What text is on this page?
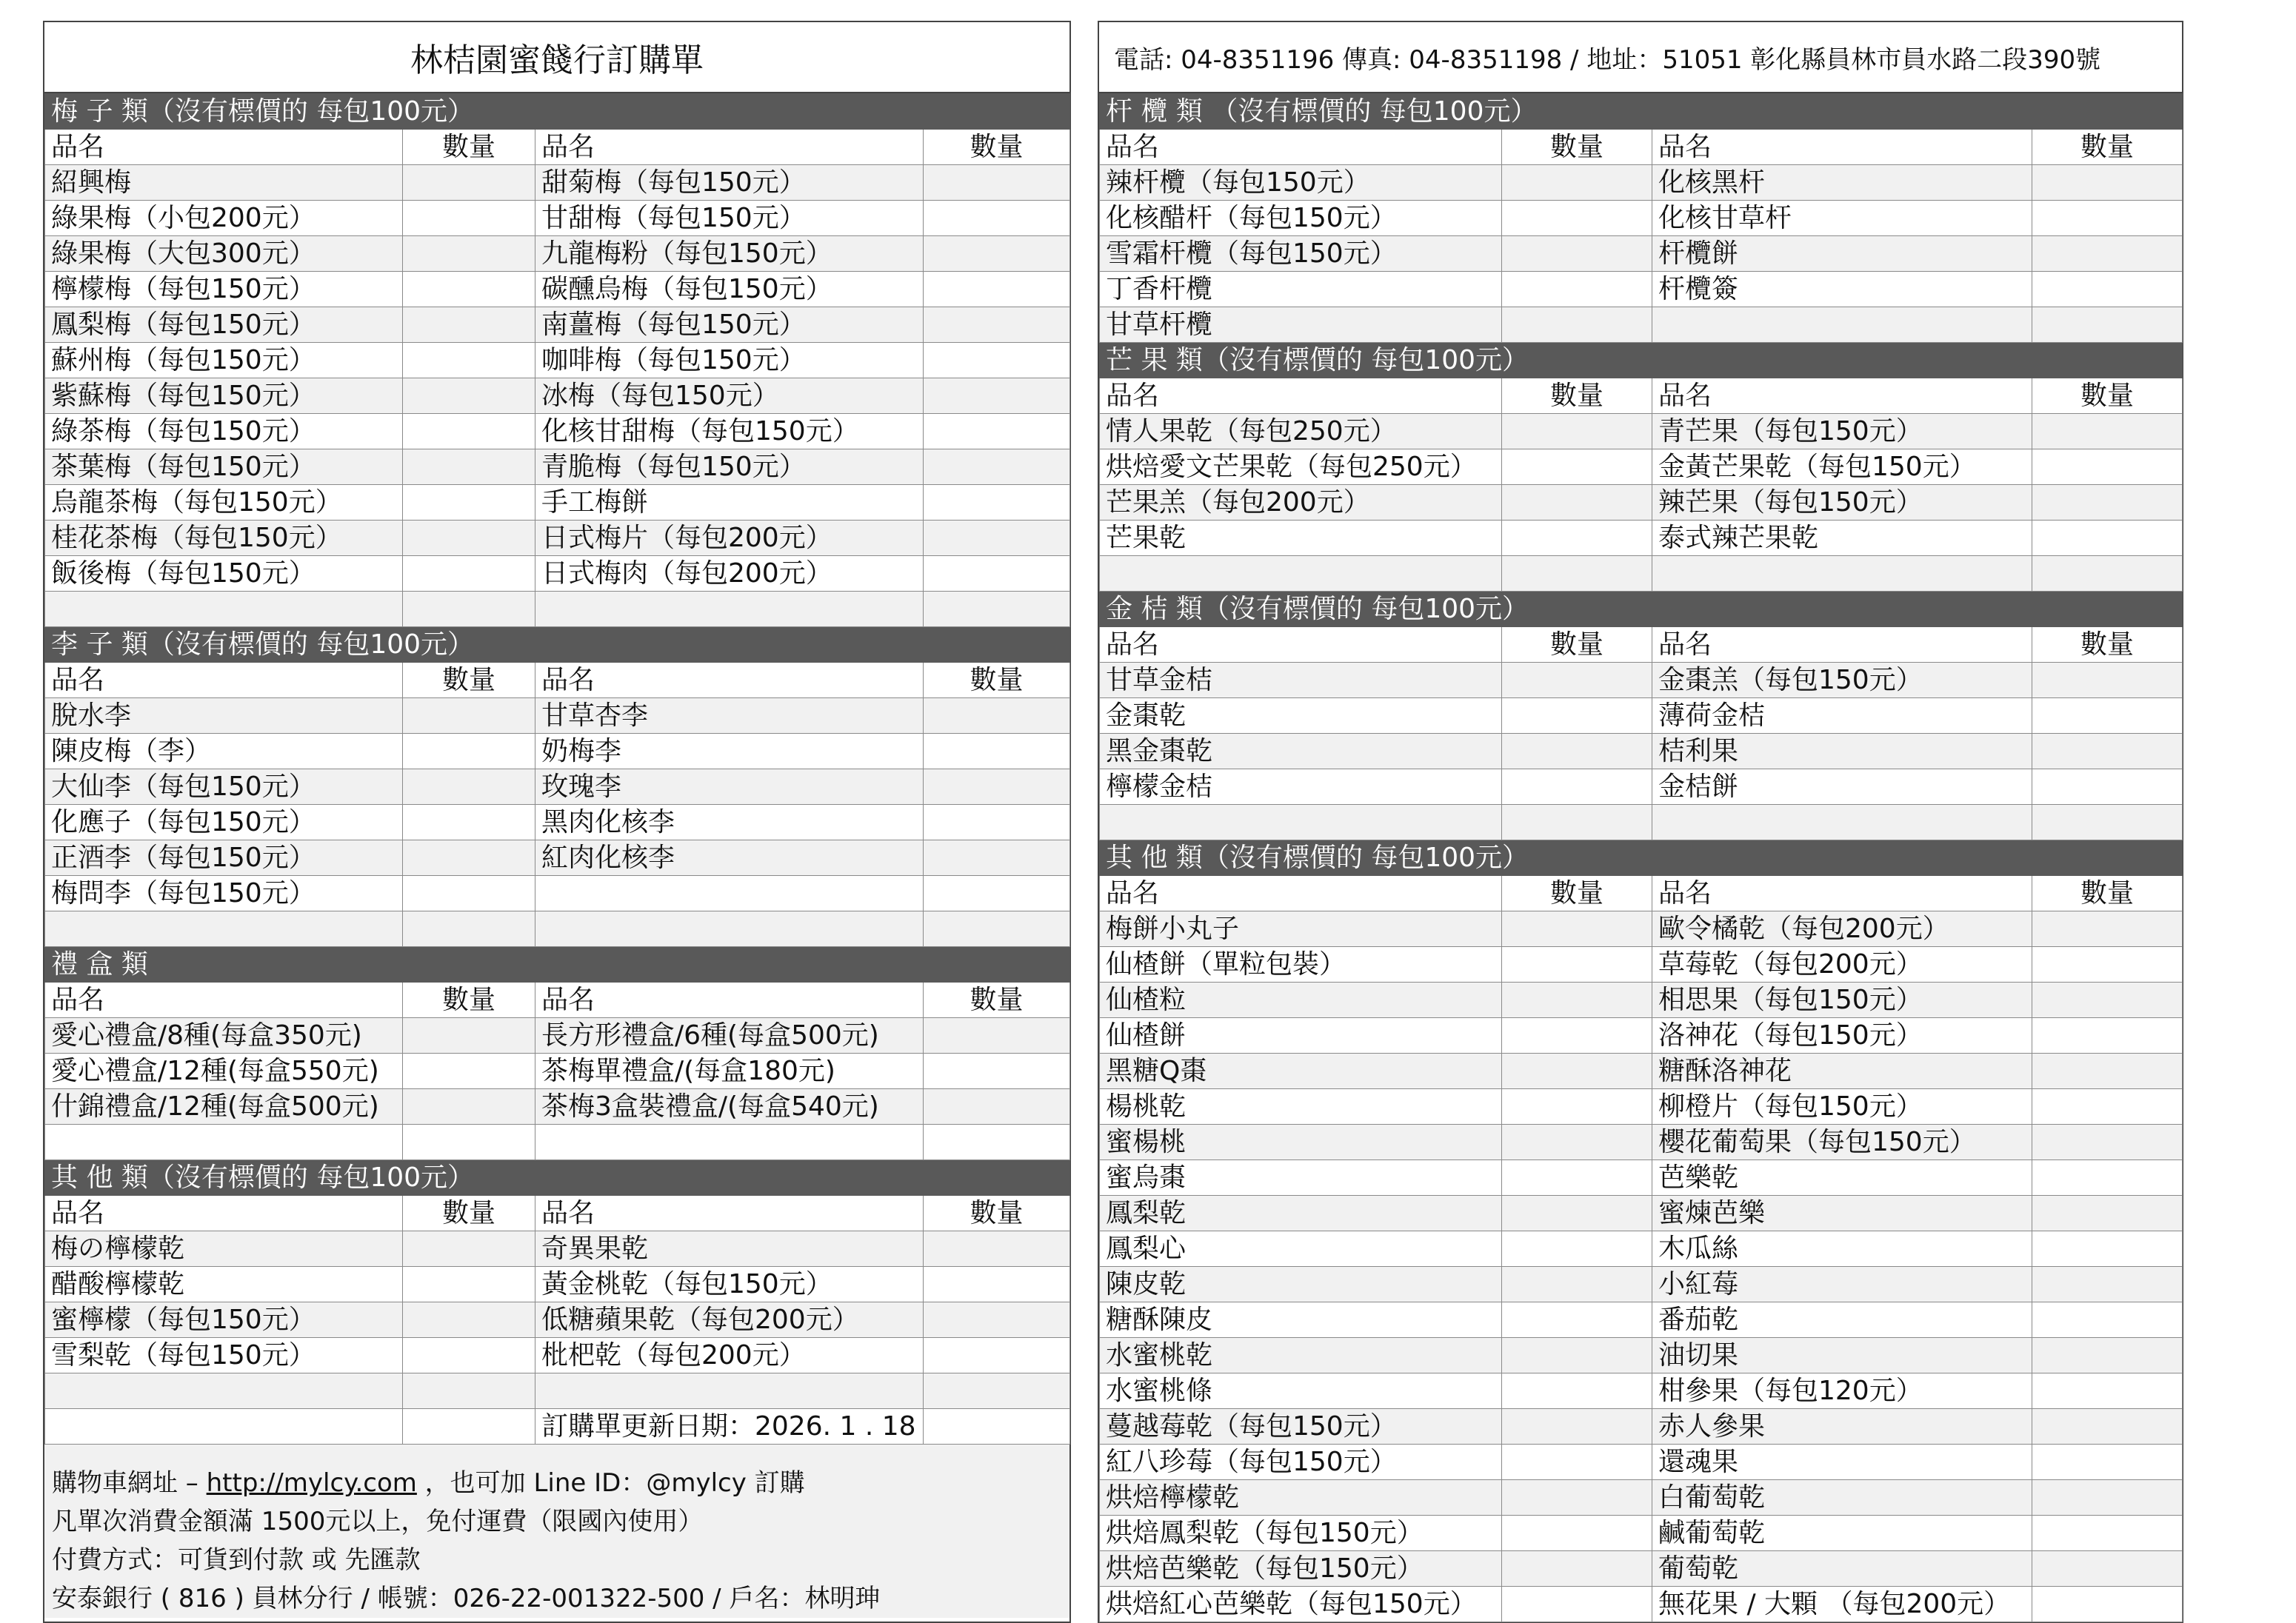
林桔園蜜餞行訂購單
梅 子 類（沒有標價的 每包100元）			
品名	數量	品名	數量
紹興梅		甜菊梅（每包150元）	
綠果梅（小包200元）		甘甜梅（每包150元）	
綠果梅（大包300元）		九龍梅粉（每包150元）	
檸檬梅（每包150元）		碳醺烏梅（每包150元）	
鳳梨梅（每包150元）		南薑梅（每包150元）	
蘇州梅（每包150元）		咖啡梅（每包150元）	
紫蘇梅（每包150元）		冰梅（每包150元）	
綠茶梅（每包150元）		化核甘甜梅（每包150元）	
茶葉梅（每包150元）		青脆梅（每包150元）	
烏龍茶梅（每包150元）		手工梅餅	
桂花茶梅（每包150元）		日式梅片（每包200元）	
飯後梅（每包150元）		日式梅肉（每包200元）	

李 子 類（沒有標價的 每包100元）			
品名	數量	品名	數量
脫水李		甘草杏李	
陳皮梅（李）		奶梅李	
大仙李（每包150元）		玫瑰李	
化應子（每包150元）		黑肉化核李	
正酒李（每包150元）		紅肉化核李	
梅問李（每包150元）			

禮 盒 類			
品名	數量	品名	數量
愛心禮盒/8種(每盒350元)		長方形禮盒/6種(每盒500元)	
愛心禮盒/12種(每盒550元)		茶梅單禮盒/(每盒180元)	
什錦禮盒/12種(每盒500元)		茶梅3盒裝禮盒/(每盒540元)	

其 他 類（沒有標價的 每包100元）			
品名	數量	品名	數量
梅の檸檬乾		奇異果乾	
醋酸檸檬乾		黃金桃乾（每包150元）	
蜜檸檬（每包150元）		低糖蘋果乾（每包200元）	
雪梨乾（每包150元）		枇杷乾（每包200元）	

		訂購單更新日期：2026. 1 . 18	
購物車網址 – http://mylcy.com ，也可加 Line ID：@mylcy 訂購
凡單次消費金額滿 1500元以上，免付運費（限國內使用）
付費方式：可貨到付款 或 先匯款
安泰銀行 ( 816 ) 員林分行 / 帳號：026-22-001322-500 / 戶名：林明珅
電話: 04-8351196 傳真: 04-8351198 / 地址：51051 彰化縣員林市員水路二段390號
杆 欖 類 （沒有標價的 每包100元）			
品名	數量	品名	數量
辣杆欖（每包150元）		化核黑杆	
化核醋杆（每包150元）		化核甘草杆	
雪霜杆欖（每包150元）		杆欖餅	
丁香杆欖		杆欖簽	
甘草杆欖			
芒 果 類（沒有標價的 每包100元）			
品名	數量	品名	數量
情人果乾（每包250元）		青芒果（每包150元）	
烘焙愛文芒果乾（每包250元）		金黃芒果乾（每包150元）	
芒果羔（每包200元）		辣芒果（每包150元）	
芒果乾		泰式辣芒果乾	

金 桔 類（沒有標價的 每包100元）			
品名	數量	品名	數量
甘草金桔		金棗羔（每包150元）	
金棗乾		薄荷金桔	
黑金棗乾		桔利果	
檸檬金桔		金桔餅	

其 他 類（沒有標價的 每包100元）			
品名	數量	品名	數量
梅餅小丸子		歐令橘乾（每包200元）	
仙楂餅（單粒包裝）		草莓乾（每包200元）	
仙楂粒		相思果（每包150元）	
仙楂餅		洛神花（每包150元）	
黑糖Q棗		糖酥洛神花	
楊桃乾		柳橙片（每包150元）	
蜜楊桃		櫻花葡萄果（每包150元）	
蜜烏棗		芭樂乾	
鳳梨乾		蜜煉芭樂	
鳳梨心		木瓜絲	
陳皮乾		小紅莓	
糖酥陳皮		番茄乾	
水蜜桃乾		油切果	
水蜜桃條		柑參果（每包120元）	
蔓越莓乾（每包150元）		赤人參果	
紅八珍莓（每包150元）		還魂果	
烘焙檸檬乾		白葡萄乾	
烘焙鳳梨乾（每包150元）		鹹葡萄乾	
烘焙芭樂乾（每包150元）		葡萄乾	
烘焙紅心芭樂乾（每包150元）		無花果 / 大顆 （每包200元）	
